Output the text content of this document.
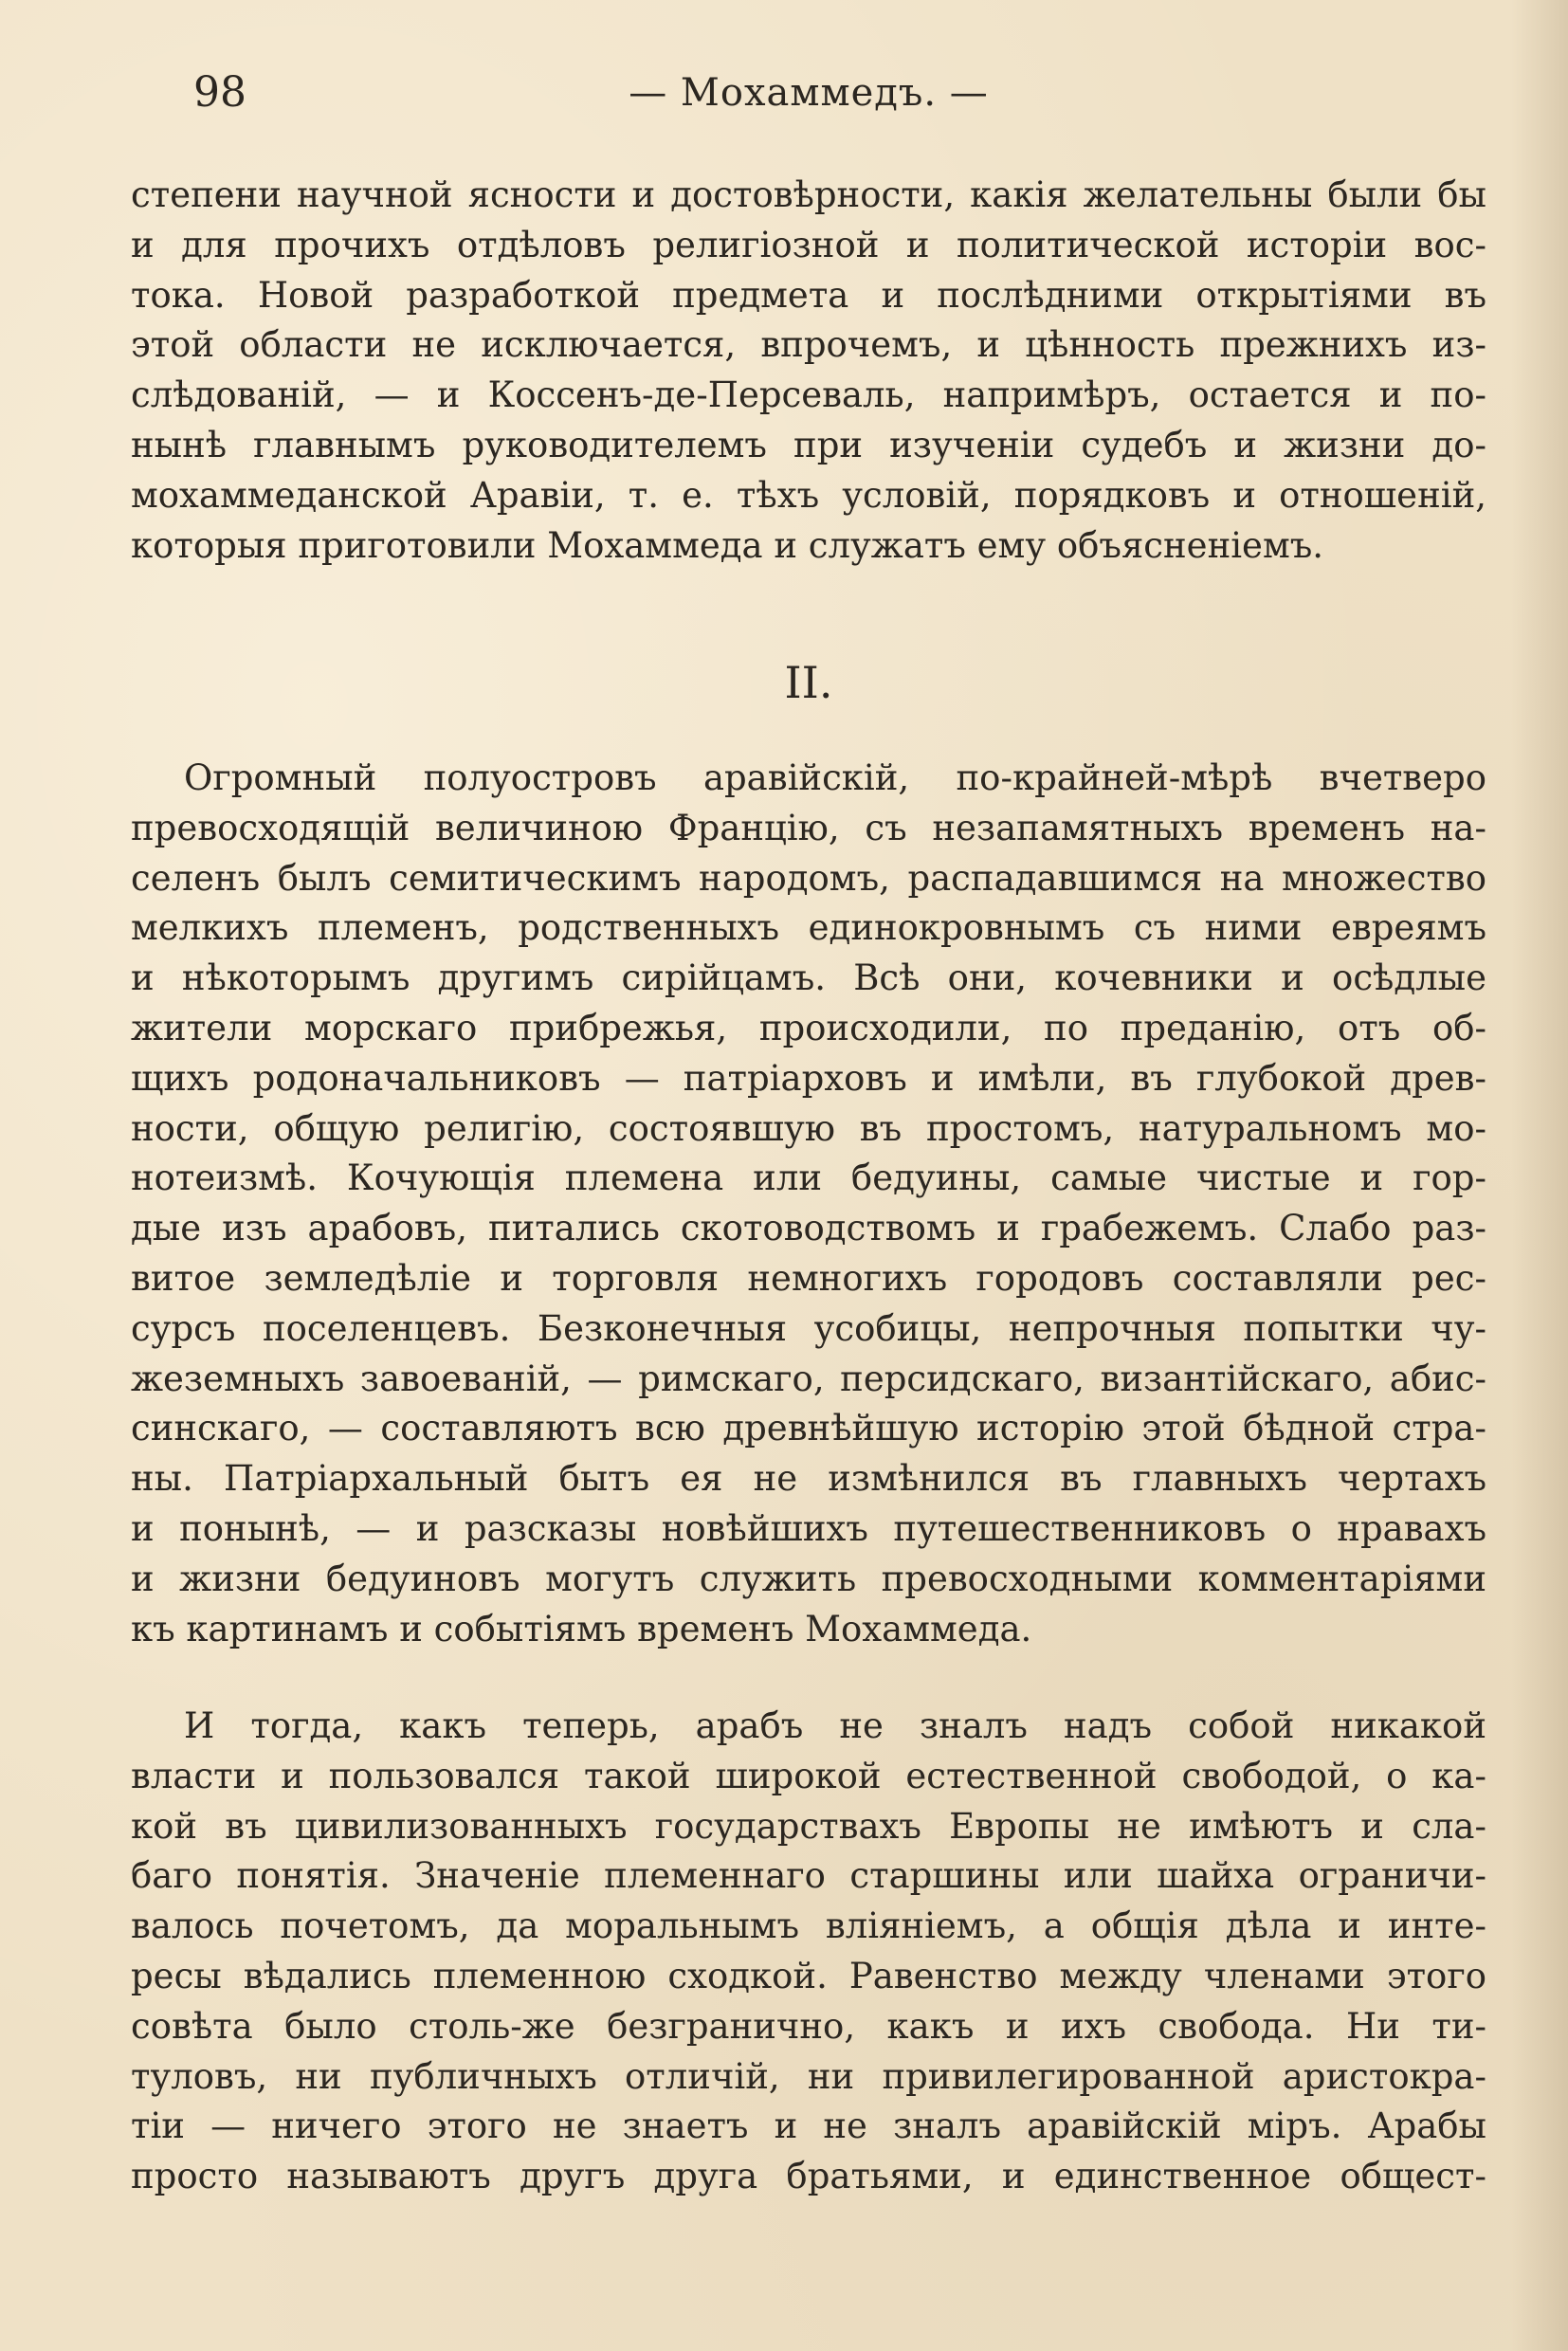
98	— Мохаммедъ. —
степени научной ясности и достовѣрности, какія желательны были бы
и для прочихъ отдѣловъ религіозной и политической исторіи вос-
тока. Новой разработкой предмета и послѣдними открытіями въ
этой области не исключается, впрочемъ, и цѣнность прежнихъ из-
слѣдованій, — и Коссенъ-де-Персеваль, напримѣръ, остается и по-
нынѣ главнымъ руководителемъ при изученіи судебъ и жизни до-
мохаммеданской Аравіи, т. е. тѣхъ условій, порядковъ и отношеній,
которыя приготовили Мохаммеда и служатъ ему объясненіемъ.
II.
Огромный полуостровъ аравійскій, по-крайней-мѣрѣ вчетверо
превосходящій величиною Францію, съ незапамятныхъ временъ на-
селенъ былъ семитическимъ народомъ, распадавшимся на множество
мелкихъ племенъ, родственныхъ единокровнымъ съ ними евреямъ
и нѣкоторымъ другимъ сирійцамъ. Всѣ они, кочевники и осѣдлые
жители морскаго прибрежья, происходили, по преданію, отъ об-
щихъ родоначальниковъ — патріарховъ и имѣли, въ глубокой древ-
ности, общую религію, состоявшую въ простомъ, натуральномъ мо-
нотеизмѣ. Кочующія племена или бедуины, самые чистые и гор-
дые изъ арабовъ, питались скотоводствомъ и грабежемъ. Слабо раз-
витое земледѣліе и торговля немногихъ городовъ составляли рес-
сурсъ поселенцевъ. Безконечныя усобицы, непрочныя попытки чу-
жеземныхъ завоеваній, — римскаго, персидскаго, византійскаго, абис-
синскаго, — составляютъ всю древнѣйшую исторію этой бѣдной стра-
ны. Патріархальный бытъ ея не измѣнился въ главныхъ чертахъ
и понынѣ, — и разсказы новѣйшихъ путешественниковъ о нравахъ
и жизни бедуиновъ могутъ служить превосходными комментаріями
къ картинамъ и событіямъ временъ Мохаммеда.
И тогда, какъ теперь, арабъ не зналъ надъ собой никакой
власти и пользовался такой широкой естественной свободой, о ка-
кой въ цивилизованныхъ государствахъ Европы не имѣютъ и сла-
баго понятія. Значеніе племеннаго старшины или шайха ограничи-
валось почетомъ, да моральнымъ вліяніемъ, а общія дѣла и инте-
ресы вѣдались племенною сходкой. Равенство между членами этого
совѣта было столь-же безгранично, какъ и ихъ свобода. Ни ти-
туловъ, ни публичныхъ отличій, ни привилегированной аристокра-
тіи — ничего этого не знаетъ и не зналъ аравійскій міръ. Арабы
просто называютъ другъ друга братьями, и единственное общест-
